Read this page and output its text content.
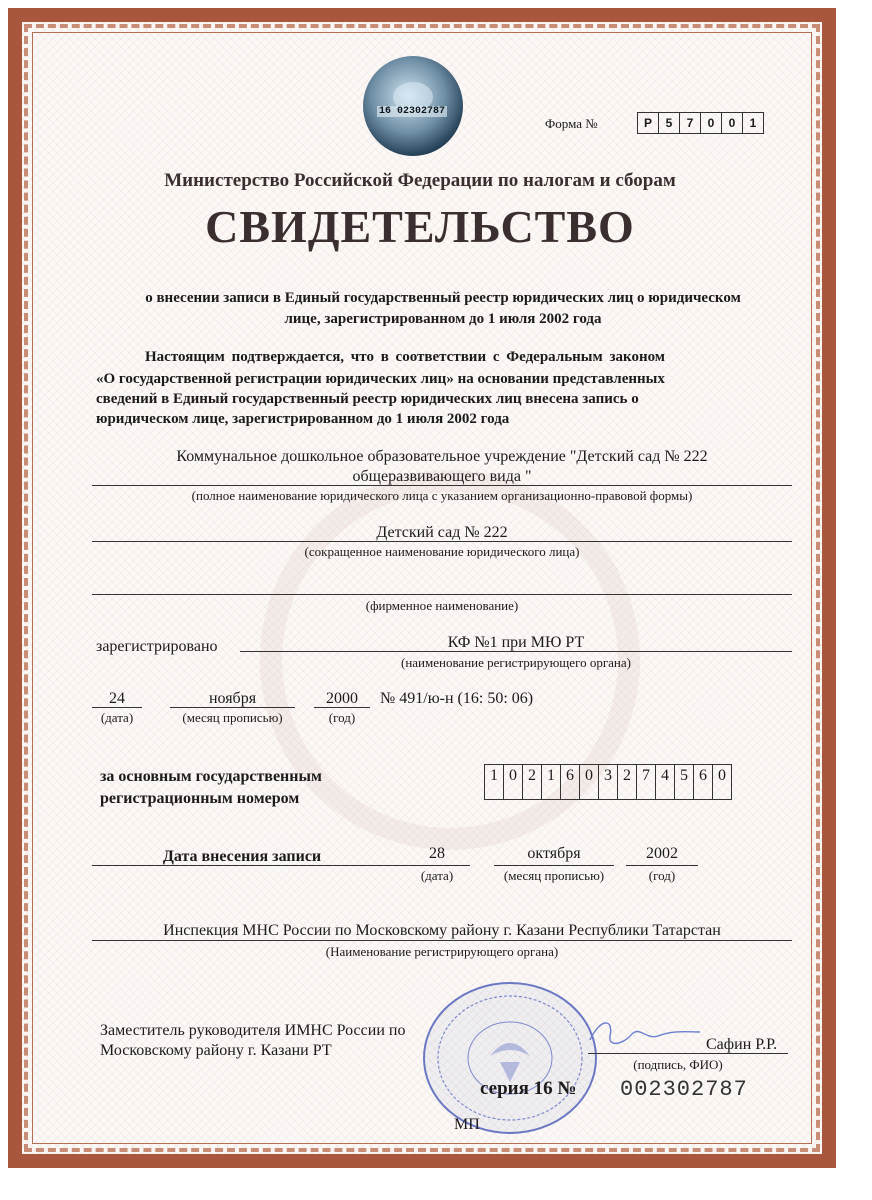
16 02302787
Форма №	Р	5	7	0	0	1
Министерство Российской Федерации по налогам и сборам
СВИДЕТЕЛЬСТВО
о внесении записи в Единый государственный реестр юридических лиц о юридическом
лице, зарегистрированном до 1 июля 2002 года
Настоящим подтверждается, что в соответствии с Федеральным законом
«О государственной регистрации юридических лиц» на основании представленных
сведений в Единый государственный реестр юридических лиц внесена запись о
юридическом лице, зарегистрированном до 1 июля 2002 года
Коммунальное дошкольное образовательное учреждение "Детский сад № 222
общеразвивающего вида "
(полное наименование юридического лица с указанием организационно-правовой формы)
Детский сад № 222
(сокращенное наименование юридического лица)
(фирменное наименование)
зарегистрировано	КФ №1 при МЮ РТ
(наименование регистрирующего органа)
24
(дата)
ноября
(месяц прописью)
2000
(год)
№ 491/ю-н (16: 50: 06)
за основным государственным
регистрационным номером
1 0 2 1 6 0 3 2 7 4 5 6 0
Дата внесения записи	28
(дата)
октября
(месяц прописью)
2002
(год)
Инспекция МНС России по Московскому району г. Казани Республики Татарстан
(Наименование регистрирующего органа)
Заместитель руководителя ИМНС России по
Московскому району г. Казани РТ	Сафин Р.Р.
(подпись, ФИО)
серия 16 № 002302787
МП
